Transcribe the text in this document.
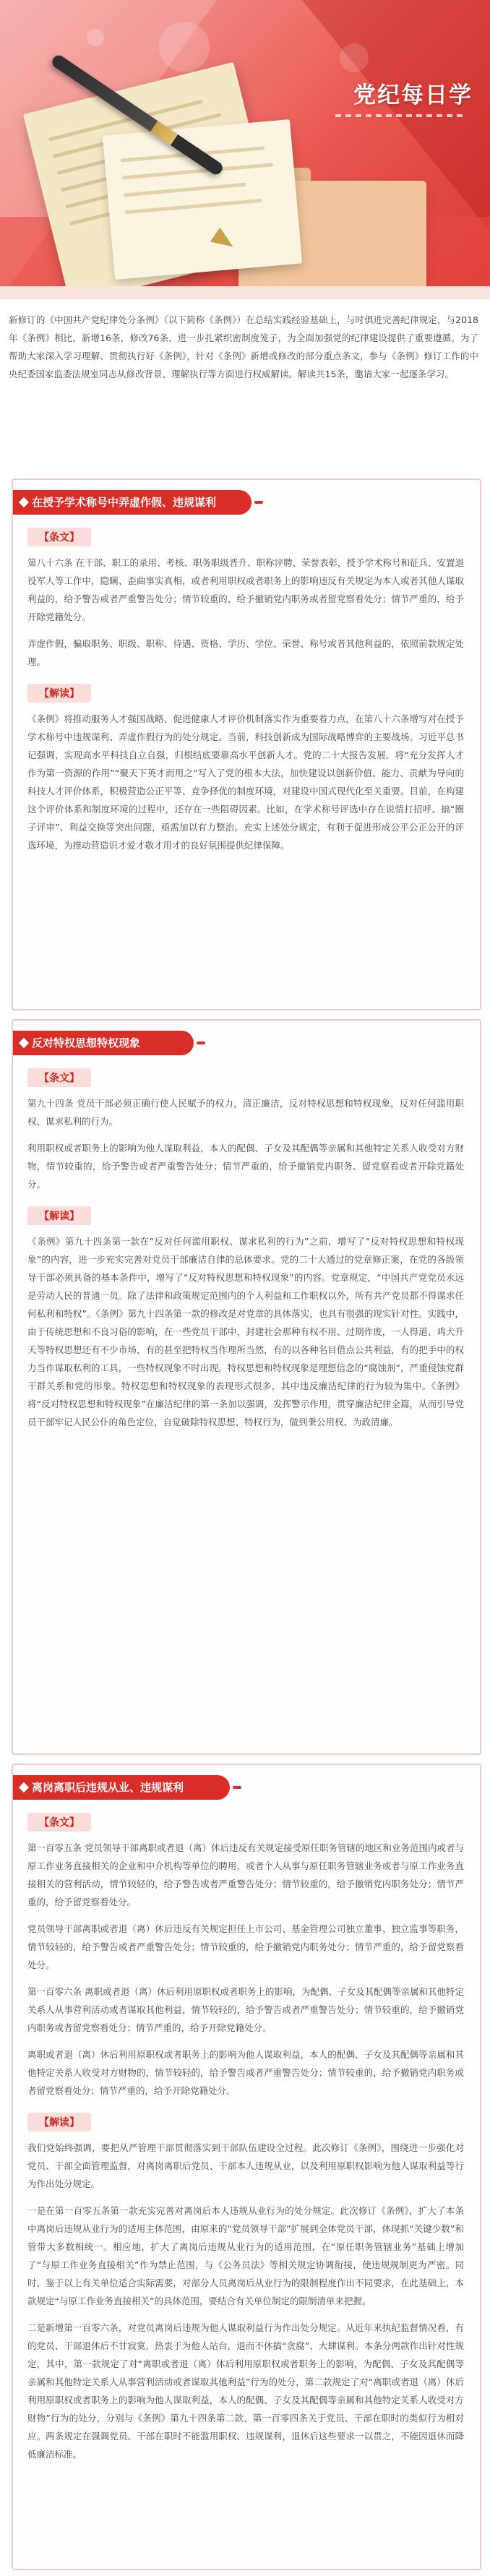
党纪每日学
新修订的《中国共产党纪律处分条例》（以下简称《条例》）在总结实践经验基础上，与时俱进完善纪律规定，与2018年《条例》相比，新增16条，修改76条，进一步扎紧织密制度笼子，为全面加强党的纪律建设提供了重要遵循。为了帮助大家深入学习理解、贯彻执行好《条例》，针对《条例》新增或修改的部分重点条文，参与《条例》修订工作的中央纪委国家监委法规室同志从修改背景、理解执行等方面进行权威解读。解读共15条，邀请大家一起逐条学习。
在授予学术称号中弄虚作假、违规谋利
【条文】
第八十六条 在干部、职工的录用、考核、职务职级晋升、职称评聘、荣誉表彰，授予学术称号和征兵、安置退役军人等工作中，隐瞒、歪曲事实真相，或者利用职权或者职务上的影响违反有关规定为本人或者其他人谋取利益的，给予警告或者严重警告处分；情节较重的，给予撤销党内职务或者留党察看处分；情节严重的，给予开除党籍处分。
弄虚作假，骗取职务、职级、职称、待遇、资格、学历、学位、荣誉、称号或者其他利益的，依照前款规定处理。
【解读】
《条例》将推动服务人才强国战略、促进健康人才评价机制落实作为重要着力点，在第八十六条增写对在授予学术称号中违规谋利、弄虚作假行为的处分规定。当前，科技创新成为国际战略博弈的主要战场。习近平总书记强调，实现高水平科技自立自强，归根结底要靠高水平创新人才。党的二十大报告发展，将“充分发挥人才作为第一资源的作用”“聚天下英才而用之”写入了党的根本大法，加快建设以创新价值、能力、贡献为导向的科技人才评价体系，积极营造公正平等、竞争择优的制度环境，对建设中国式现代化至关重要。目前，在构建这个评价体系和制度环境的过程中，还存在一些阻碍因素。比如，在学术称号评选中存在说情打招呼、搞“圈子评审”、利益交换等突出问题，亟需加以有力整治。充实上述处分规定，有利于促进形成公平公正公开的评选环境，为推动营造识才爱才敬才用才的良好氛围提供纪律保障。
反对特权思想特权现象
【条文】
第九十四条 党员干部必须正确行使人民赋予的权力，清正廉洁，反对特权思想和特权现象，反对任何滥用职权、谋求私利的行为。
利用职权或者职务上的影响为他人谋取利益，本人的配偶、子女及其配偶等亲属和其他特定关系人收受对方财物，情节较重的，给予警告或者严重警告处分；情节严重的，给予撤销党内职务、留党察看或者开除党籍处分。
【解读】
《条例》第九十四条第一款在“反对任何滥用职权、谋求私利的行为”之前，增写了“反对特权思想和特权现象”的内容，进一步充实完善对党员干部廉洁自律的总体要求。党的二十大通过的党章修正案，在党的各级领导干部必须具备的基本条件中，增写了“反对特权思想和特权现象”的内容。党章规定，“中国共产党党员永远是劳动人民的普通一员。除了法律和政策规定范围内的个人利益和工作职权以外，所有共产党员都不得谋求任何私利和特权”。《条例》第九十四条第一款的修改是对党章的具体落实，也具有很强的现实针对性。实践中，由于传统思想和不良习俗的影响，在一些党员干部中，封建社会那种有权不用、过期作废，一人得道、鸡犬升天等特权思想还有不少市场，有的甚至把特权当作理所当然，有的以各种名目借点公共利益，有的把手中的权力当作谋取私利的工具，一些特权现象不时出现。特权思想和特权现象是理想信念的“腐蚀剂”，严重侵蚀党群干群关系和党的形象。特权思想和特权现象的表现形式很多，其中违反廉洁纪律的行为较为集中。《条例》将“反对特权思想和特权现象”在廉洁纪律的第一条加以强调，发挥警示作用，贯穿廉洁纪律全篇，从而引导党员干部牢记人民公仆的角色定位，自觉破除特权思想、特权行为，做到秉公用权、为政清廉。
离岗离职后违规从业、违规谋利
【条文】
第一百零五条 党员领导干部离职或者退（离）休后违反有关规定接受原任职务管辖的地区和业务范围内或者与原工作业务直接相关的企业和中介机构等单位的聘用，或者个人从事与原任职务管辖业务或者与原工作业务直接相关的营利活动，情节较轻的，给予警告或者严重警告处分；情节较重的，给予撤销党内职务处分；情节严重的，给予留党察看处分。
党员领导干部离职或者退（离）休后违反有关规定担任上市公司、基金管理公司独立董事、独立监事等职务，情节较轻的，给予警告或者严重警告处分；情节较重的，给予撤销党内职务处分；情节严重的，给予留党察看处分。
第一百零六条 离职或者退（离）休后利用原职权或者职务上的影响，为配偶、子女及其配偶等亲属和其他特定关系人从事营利活动或者谋取其他利益，情节较轻的，给予警告或者严重警告处分；情节较重的，给予撤销党内职务或者留党察看处分；情节严重的，给予开除党籍处分。
离职或者退（离）休后利用原职权或者职务上的影响为他人谋取利益，本人的配偶、子女及其配偶等亲属和其他特定关系人收受对方财物的，情节较轻的，给予警告或者严重警告处分；情节较重的，给予撤销党内职务或者留党察看处分；情节严重的，给予开除党籍处分。
【解读】
我们党始终强调，要把从严管理干部贯彻落实到干部队伍建设全过程。此次修订《条例》，围绕进一步强化对党员、干部全面管理监督，对离岗离职后党员、干部本人违规从业，以及利用原职权影响为他人谋取利益等行为作出处分规定。
一是在第一百零五条第一款充实完善对离岗后本人违规从业行为的处分规定。此次修订《条例》，扩大了本条中离岗后违规从业行为的适用主体范围，由原来的“党员领导干部”扩展到全体党员干部，体现抓“关键少数”和管带大多数相统一。相应地，扩大了离岗后违规从业行为的适用范围，在“原任职务管辖业务”基础上增加了“与原工作业务直接相关”作为禁止范围，与《公务员法》等相关规定协调衔接，使违规规制更为严密。同时，鉴于以上有关单位适合实际需要，对部分人员离岗后从业行为的限制程度作出不同要求，在此基础上，本款规定“与原工作业务直接相关”的具体范围，要结合有关单位制定的限制清单来把握。
二是新增第一百零六条，对党员离岗后违规为他人谋取利益行为作出处分规定。从近年来执纪监督情况看，有的党员、干部退休后不甘寂寞，热衷于为他人站台，退而不休搞“贪腐”、大肆谋利。本条分两款作出针对性规定，其中，第一款规定了对“离职或者退（离）休后利用原职权或者职务上的影响，为配偶、子女及其配偶等亲属和其他特定关系人从事营利活动或者谋取其他利益”行为的处分，第二款规定了对“离职或者退（离）休后利用原职权或者职务上的影响为他人谋取利益，本人的配偶、子女及其配偶等亲属和其他特定关系人收受对方财物”行为的处分，分别与《条例》第九十四条第二款、第一百零四条关于党员、干部在职时的类似行为相对应。两条规定在强调党员、干部在职时不能滥用职权、违规谋利，退休后这些要求一以贯之，不能因退休而降低廉洁标准。
